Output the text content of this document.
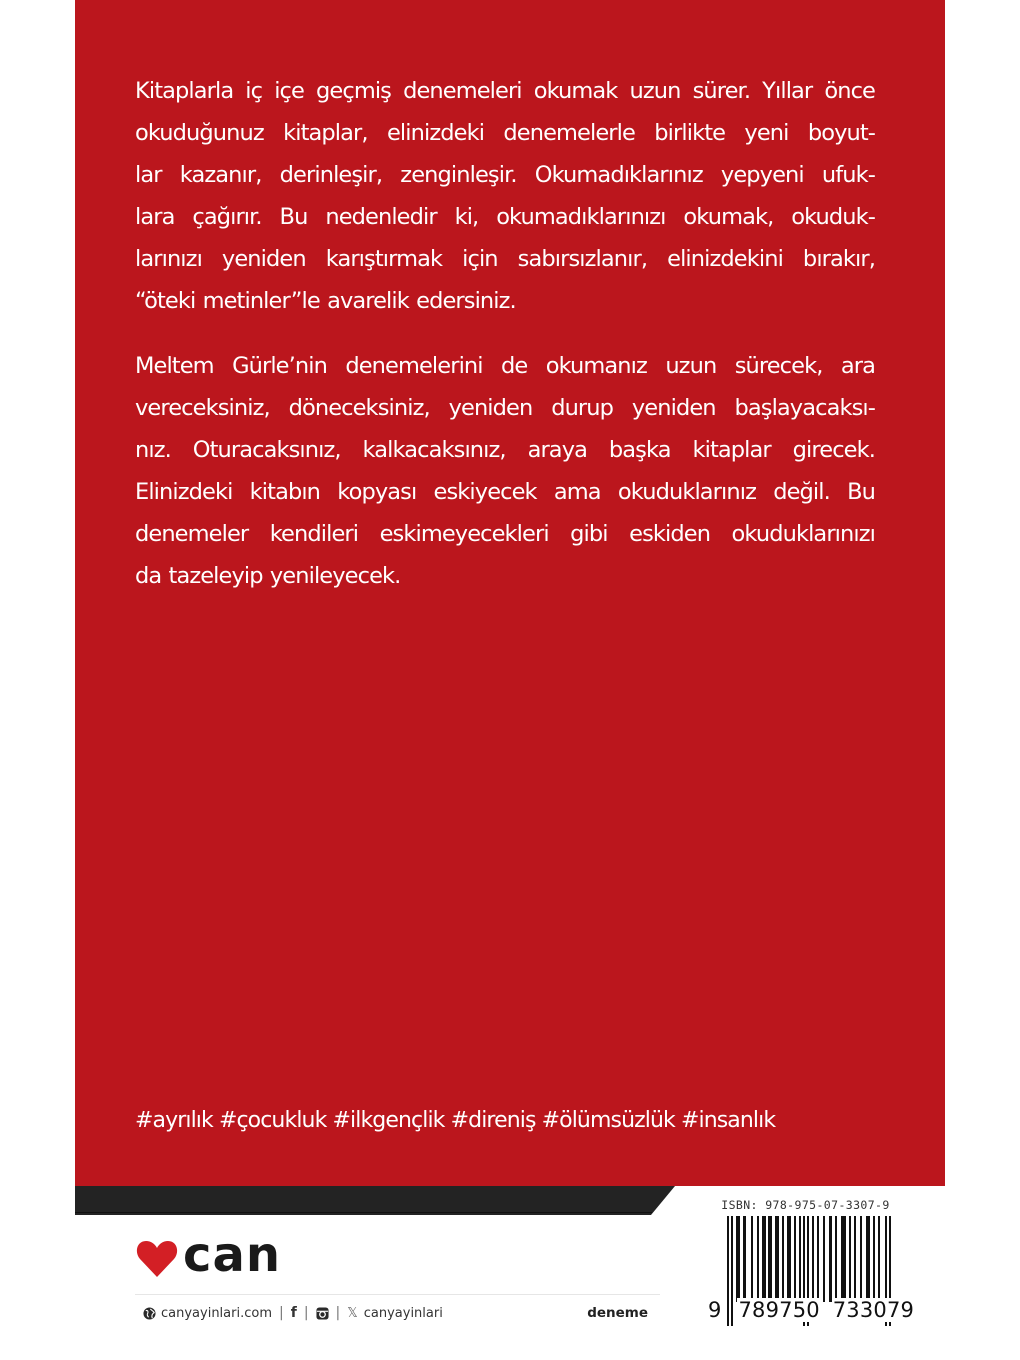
Kitaplarla iç içe geçmiş denemeleri okumak uzun sürer. Yıllar önce
okuduğunuz kitaplar, elinizdeki denemelerle birlikte yeni boyut-
lar kazanır, derinleşir, zenginleşir. Okumadıklarınız yepyeni ufuk-
lara çağırır. Bu nedenledir ki, okumadıklarınızı okumak, okuduk-
larınızı yeniden karıştırmak için sabırsızlanır, elinizdekini bırakır,
“öteki metinler”le avarelik edersiniz.
Meltem Gürle’nin denemelerini de okumanız uzun sürecek, ara
vereceksiniz, döneceksiniz, yeniden durup yeniden başlayacaksı-
nız. Oturacaksınız, kalkacaksınız, araya başka kitaplar girecek.
Elinizdeki kitabın kopyası eskiyecek ama okuduklarınız değil. Bu
denemeler kendileri eskimeyecekleri gibi eskiden okuduklarınızı
da tazeleyip yenileyecek.
#ayrılık #çocukluk #ilkgençlik #direniş #ölümsüzlük #insanlık
can
canyayinlari.com | f | | 𝕏 canyayinlari	deneme
ISBN: 978-975-07-3307-9
9 789750 733079
